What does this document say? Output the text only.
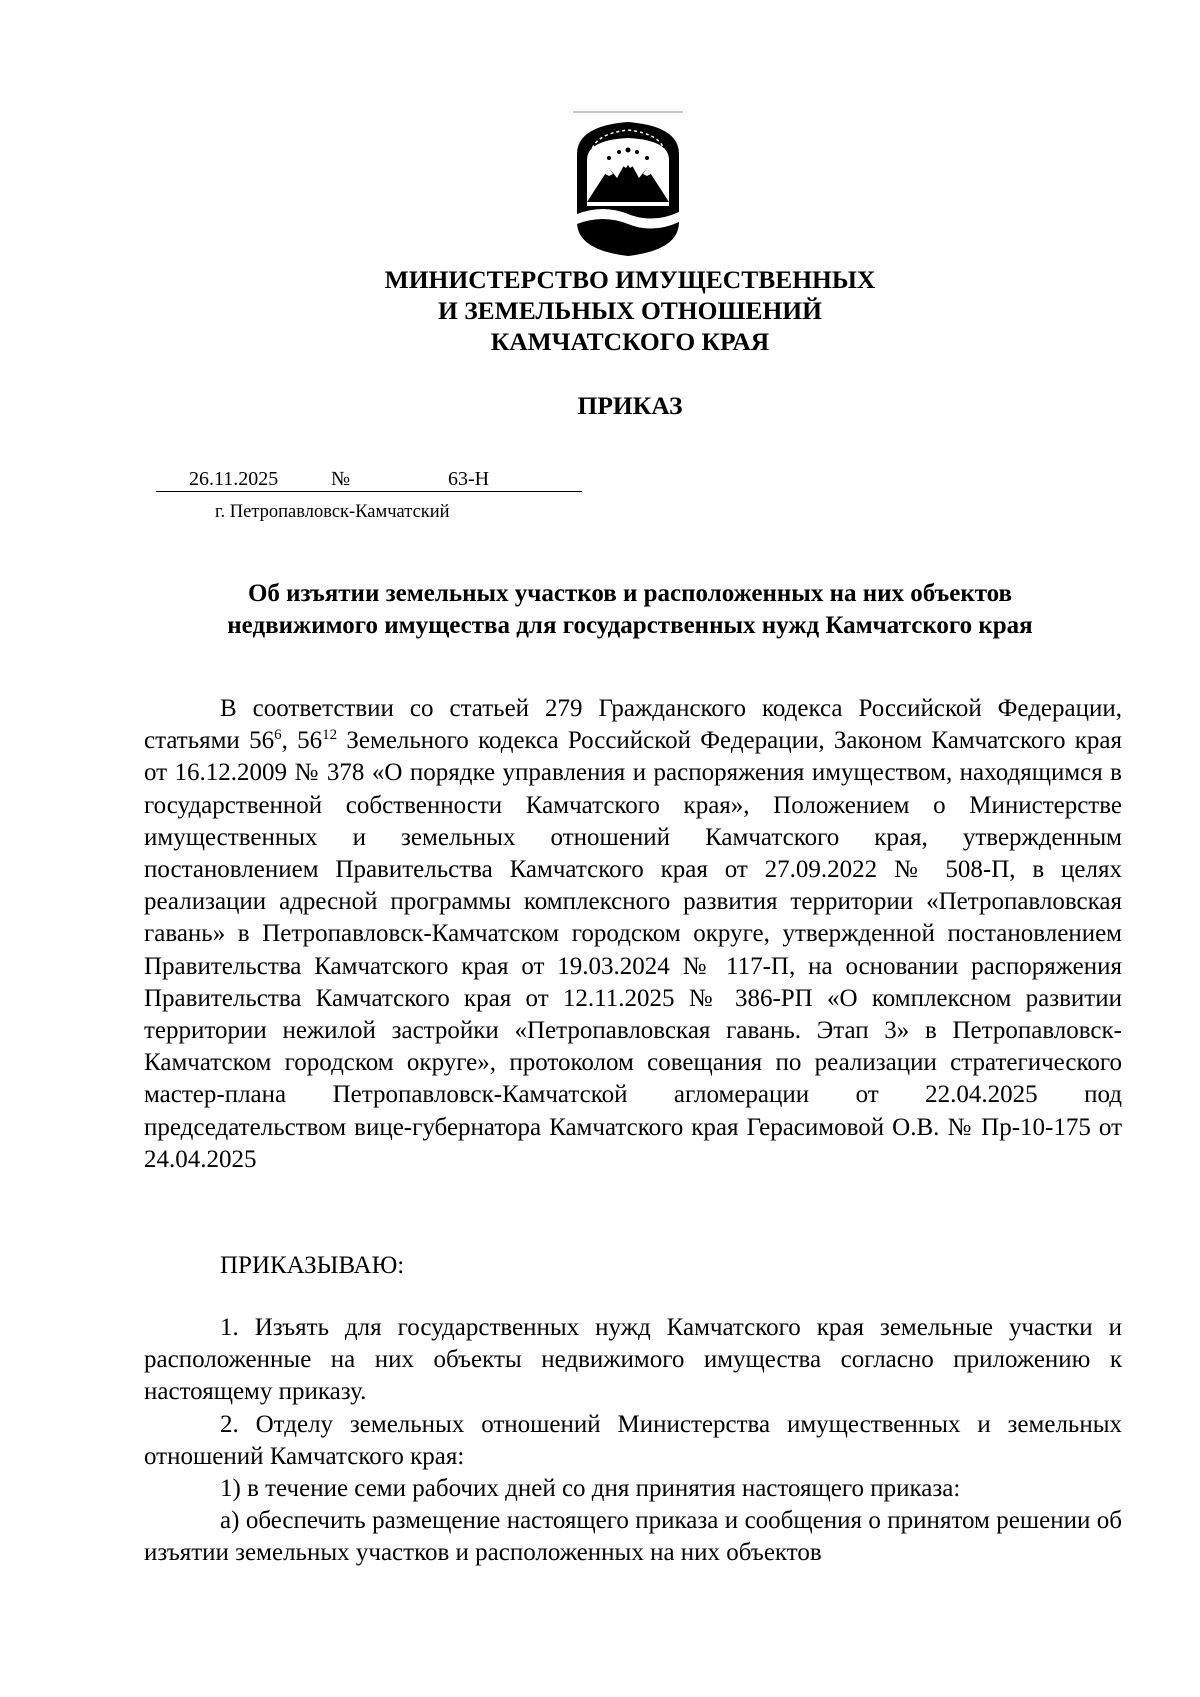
МИНИСТЕРСТВО ИМУЩЕСТВЕННЫХ
И ЗЕМЕЛЬНЫХ ОТНОШЕНИЙ
КАМЧАТСКОГО КРАЯ
ПРИКАЗ
26.11.2025	№	63-Н
г. Петропавловск-Камчатский
Об изъятии земельных участков и расположенных на них объектов
недвижимого имущества для государственных нужд Камчатского края

В соответствии со статьей 279 Гражданского кодекса Российской Федерации, статьями $56^6$, $56^{12}$ Земельного кодекса Российской Федерации, Законом Камчатского края от 16.12.2009 № 378 «О порядке управления и распоряжения имуществом, находящимся в государственной собственности Камчатского края», Положением о Министерстве имущественных и земельных отношений Камчатского края, утвержденным постановлением Правительства Камчатского края от 27.09.2022 № 508-П, в целях реализации адресной программы комплексного развития территории «Петропавловская гавань» в Петропавловск-Камчатском городском округе, утвержденной постановлением Правительства Камчатского края от 19.03.2024 № 117-П, на основании распоряжения Правительства Камчатского края от 12.11.2025 № 386-РП «О комплексном развитии территории нежилой застройки «Петропавловская гавань. Этап 3» в Петропавловск-Камчатском городском округе», протоколом совещания по реализации стратегического мастер-плана Петропавловск-Камчатской агломерации от 22.04.2025 под председательством вице-губернатора Камчатского края Герасимовой О.В. № Пр-10-175 от 24.04.2025

ПРИКАЗЫВАЮ:

1. Изъять для государственных нужд Камчатского края земельные участки и расположенные на них объекты недвижимого имущества согласно приложению к настоящему приказу.

2. Отделу земельных отношений Министерства имущественных и земельных отношений Камчатского края:

1) в течение семи рабочих дней со дня принятия настоящего приказа:

а) обеспечить размещение настоящего приказа и сообщения о принятом решении об изъятии земельных участков и расположенных на них объектов
